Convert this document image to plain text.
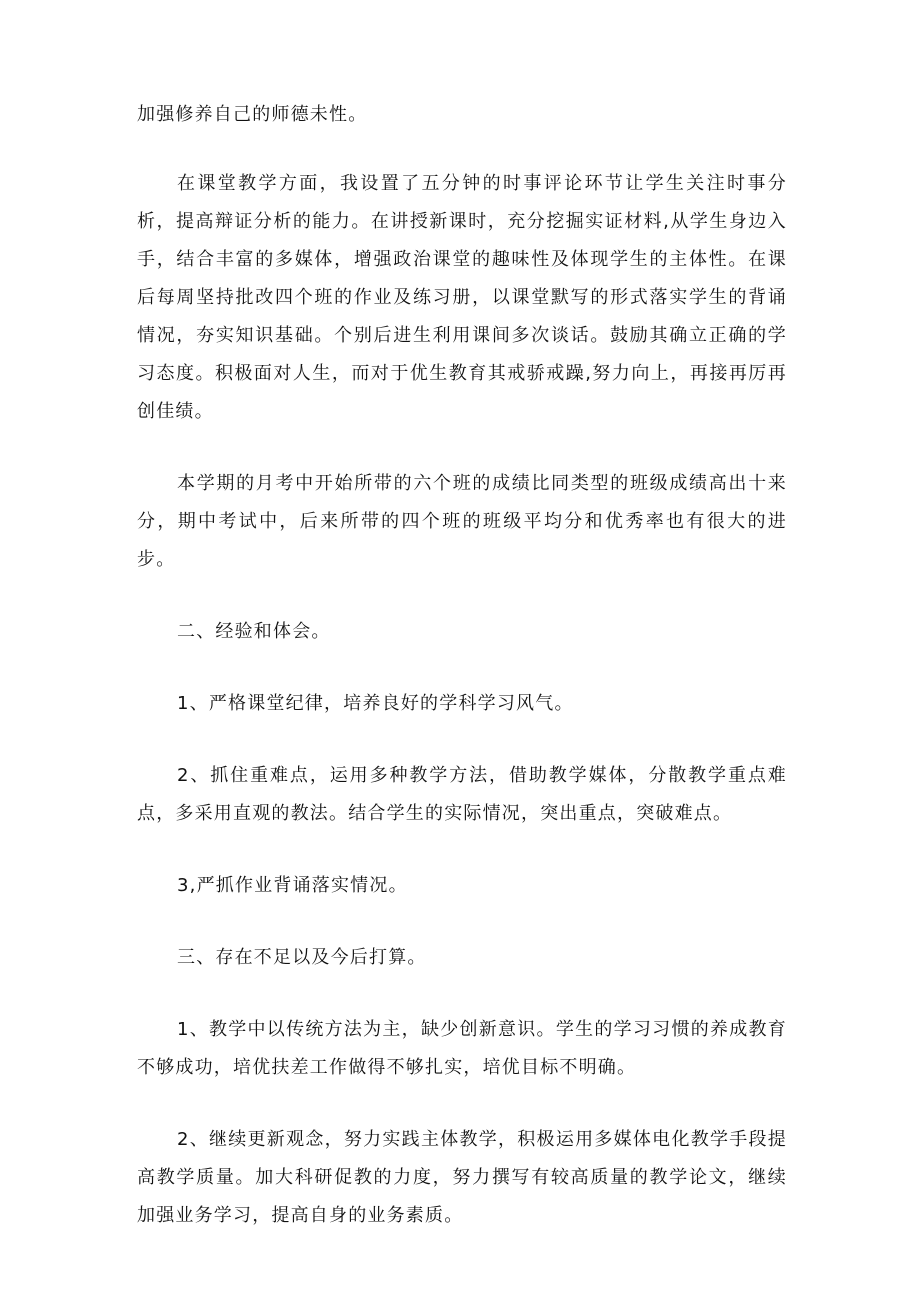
加强修养自己的师德未性。

在课堂教学方面，我设置了五分钟的时事评论环节让学生关注时事分析，提高辩证分析的能力。在讲授新课时，充分挖掘实证材料,从学生身边入手，结合丰富的多媒体，增强政治课堂的趣味性及体现学生的主体性。在课后每周坚持批改四个班的作业及练习册，以课堂默写的形式落实学生的背诵情况，夯实知识基础。个别后进生利用课间多次谈话。鼓励其确立正确的学习态度。积极面对人生，而对于优生教育其戒骄戒躁,努力向上，再接再厉再创佳绩。

本学期的月考中开始所带的六个班的成绩比同类型的班级成绩高出十来分，期中考试中，后来所带的四个班的班级平均分和优秀率也有很大的进步。

二、经验和体会。

1、严格课堂纪律，培养良好的学科学习风气。

2、抓住重难点，运用多种教学方法，借助教学媒体，分散教学重点难点，多采用直观的教法。结合学生的实际情况，突出重点，突破难点。

3,严抓作业背诵落实情况。

三、存在不足以及今后打算。

1、教学中以传统方法为主，缺少创新意识。学生的学习习惯的养成教育不够成功，培优扶差工作做得不够扎实，培优目标不明确。

2、继续更新观念，努力实践主体教学，积极运用多媒体电化教学手段提高教学质量。加大科研促教的力度，努力撰写有较高质量的教学论文，继续加强业务学习，提高自身的业务素质。
